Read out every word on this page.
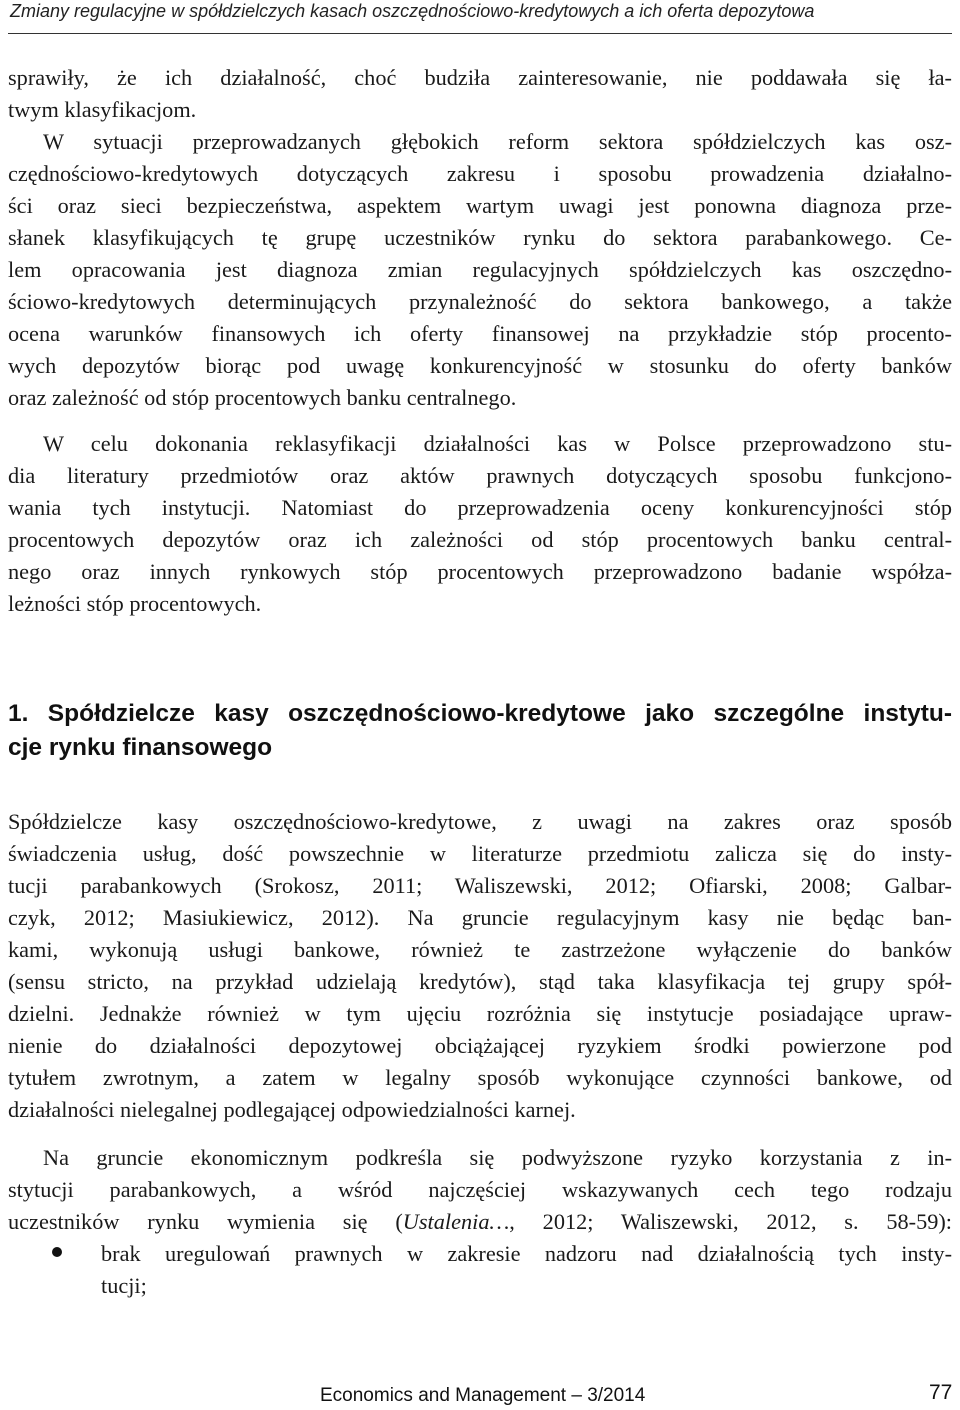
Zmiany regulacyjne w spółdzielczych kasach oszczędnościowo-kredytowych a ich oferta depozytowa
sprawiły, że ich działalność, choć budziła zainteresowanie, nie poddawała się ła-
twym klasyfikacjom.
W sytuacji przeprowadzanych głębokich reform sektora spółdzielczych kas osz-
czędnościowo-kredytowych dotyczących zakresu i sposobu prowadzenia działalno-
ści oraz sieci bezpieczeństwa, aspektem wartym uwagi jest ponowna diagnoza prze-
słanek klasyfikujących tę grupę uczestników rynku do sektora parabankowego. Ce-
lem opracowania jest diagnoza zmian regulacyjnych spółdzielczych kas oszczędno-
ściowo-kredytowych determinujących przynależność do sektora bankowego, a także
ocena warunków finansowych ich oferty finansowej na przykładzie stóp procento-
wych depozytów biorąc pod uwagę konkurencyjność w stosunku do oferty banków
oraz zależność od stóp procentowych banku centralnego.
W celu dokonania reklasyfikacji działalności kas w Polsce przeprowadzono stu-
dia literatury przedmiotów oraz aktów prawnych dotyczących sposobu funkcjono-
wania tych instytucji. Natomiast do przeprowadzenia oceny konkurencyjności stóp
procentowych depozytów oraz ich zależności od stóp procentowych banku central-
nego oraz innych rynkowych stóp procentowych przeprowadzono badanie współza-
leżności stóp procentowych.
1. Spółdzielcze kasy oszczędnościowo-kredytowe jako szczególne instytu-
cje rynku finansowego
Spółdzielcze kasy oszczędnościowo-kredytowe, z uwagi na zakres oraz sposób
świadczenia usług, dość powszechnie w literaturze przedmiotu zalicza się do insty-
tucji parabankowych (Srokosz, 2011; Waliszewski, 2012; Ofiarski, 2008; Galbar-
czyk, 2012; Masiukiewicz, 2012). Na gruncie regulacyjnym kasy nie będąc ban-
kami, wykonują usługi bankowe, również te zastrzeżone wyłączenie do banków
(sensu stricto, na przykład udzielają kredytów), stąd taka klasyfikacja tej grupy spół-
dzielni. Jednakże również w tym ujęciu rozróżnia się instytucje posiadające upraw-
nienie do działalności depozytowej obciążającej ryzykiem środki powierzone pod
tytułem zwrotnym, a zatem w legalny sposób wykonujące czynności bankowe, od
działalności nielegalnej podlegającej odpowiedzialności karnej.
Na gruncie ekonomicznym podkreśla się podwyższone ryzyko korzystania z in-
stytucji parabankowych, a wśród najczęściej wskazywanych cech tego rodzaju
uczestników rynku wymienia się (Ustalenia…, 2012; Waliszewski, 2012, s. 58-59):
brak uregulowań prawnych w zakresie nadzoru nad działalnością tych insty-
tucji;
Economics and Management – 3/2014	77
